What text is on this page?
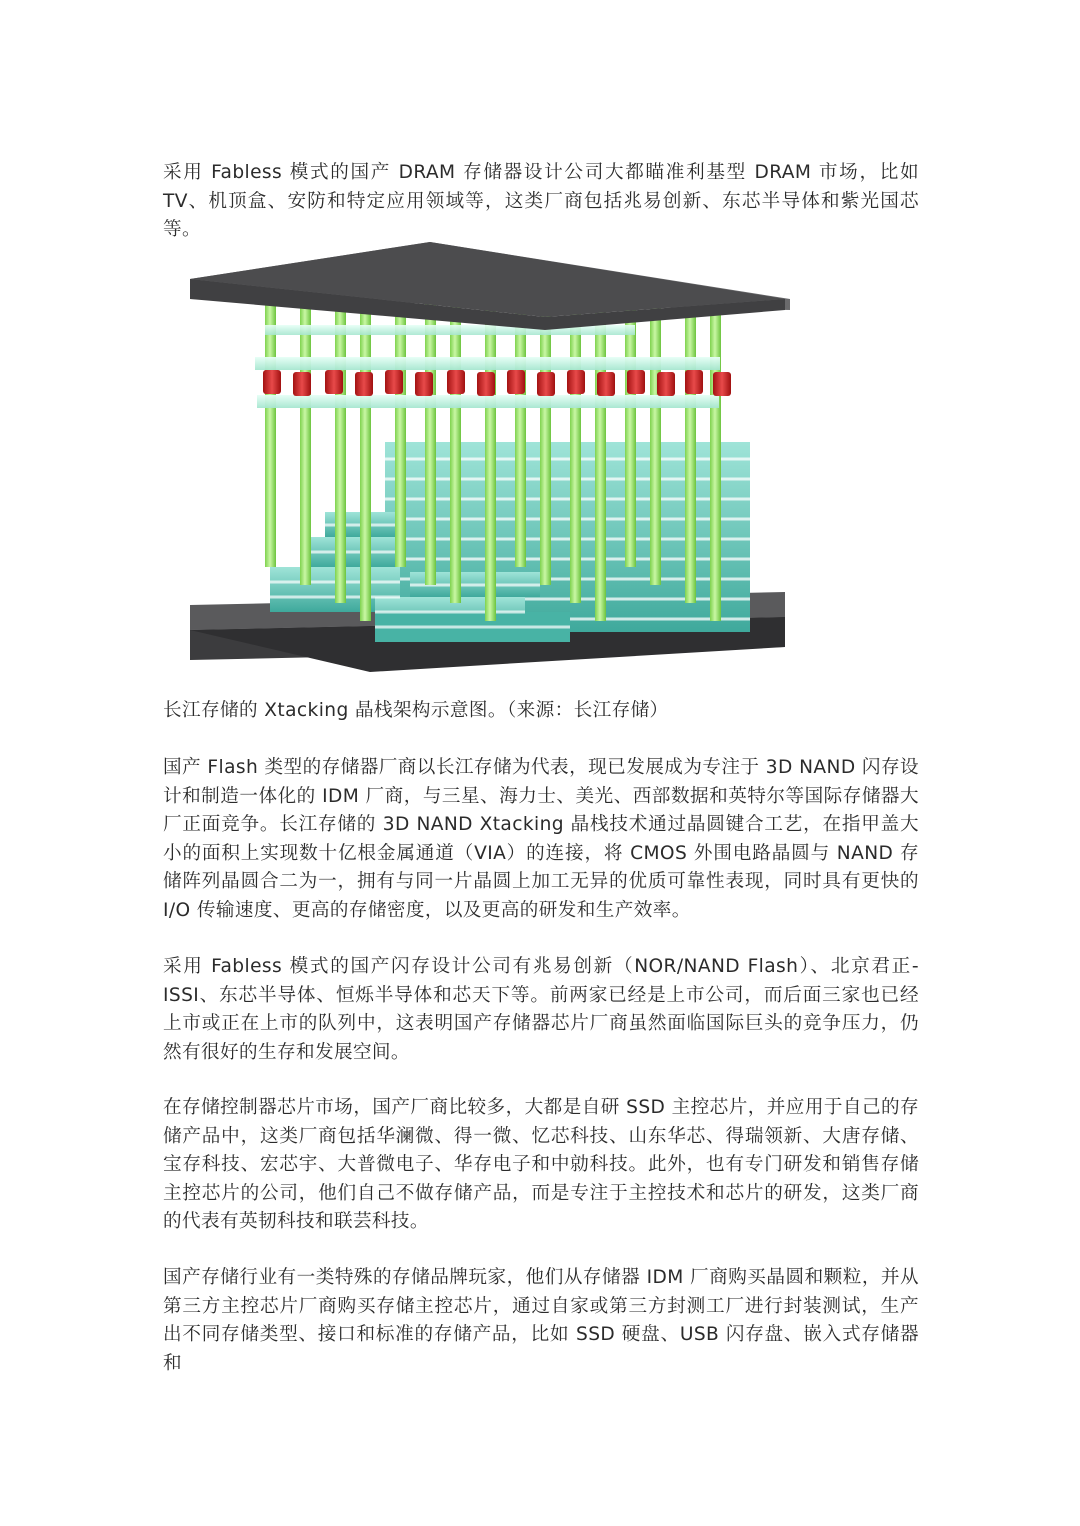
采用 Fabless 模式的国产 DRAM 存储器设计公司大都瞄准利基型 DRAM 市场，比如 TV、机顶盒、安防和特定应用领域等，这类厂商包括兆易创新、东芯半导体和紫光国芯等。

长江存储的 Xtacking 晶栈架构示意图。（来源：长江存储）

国产 Flash 类型的存储器厂商以长江存储为代表，现已发展成为专注于 3D NAND 闪存设计和制造一体化的 IDM 厂商，与三星、海力士、美光、西部数据和英特尔等国际存储器大厂正面竞争。长江存储的 3D NAND Xtacking 晶栈技术通过晶圆键合工艺，在指甲盖大小的面积上实现数十亿根金属通道（VIA）的连接，将 CMOS 外围电路晶圆与 NAND 存储阵列晶圆合二为一，拥有与同一片晶圆上加工无异的优质可靠性表现，同时具有更快的 I/O 传输速度、更高的存储密度，以及更高的研发和生产效率。

采用 Fabless 模式的国产闪存设计公司有兆易创新（NOR/NAND Flash）、北京君正-ISSI、东芯半导体、恒烁半导体和芯天下等。前两家已经是上市公司，而后面三家也已经上市或正在上市的队列中，这表明国产存储器芯片厂商虽然面临国际巨头的竞争压力，仍然有很好的生存和发展空间。

在存储控制器芯片市场，国产厂商比较多，大都是自研 SSD 主控芯片，并应用于自己的存储产品中，这类厂商包括华澜微、得一微、忆芯科技、山东华芯、得瑞领新、大唐存储、宝存科技、宏芯宇、大普微电子、华存电子和中勍科技。此外，也有专门研发和销售存储主控芯片的公司，他们自己不做存储产品，而是专注于主控技术和芯片的研发，这类厂商的代表有英韧科技和联芸科技。

国产存储行业有一类特殊的存储品牌玩家，他们从存储器 IDM 厂商购买晶圆和颗粒，并从第三方主控芯片厂商购买存储主控芯片，通过自家或第三方封测工厂进行封装测试，生产出不同存储类型、接口和标准的存储产品，比如 SSD 硬盘、USB 闪存盘、嵌入式存储器和
